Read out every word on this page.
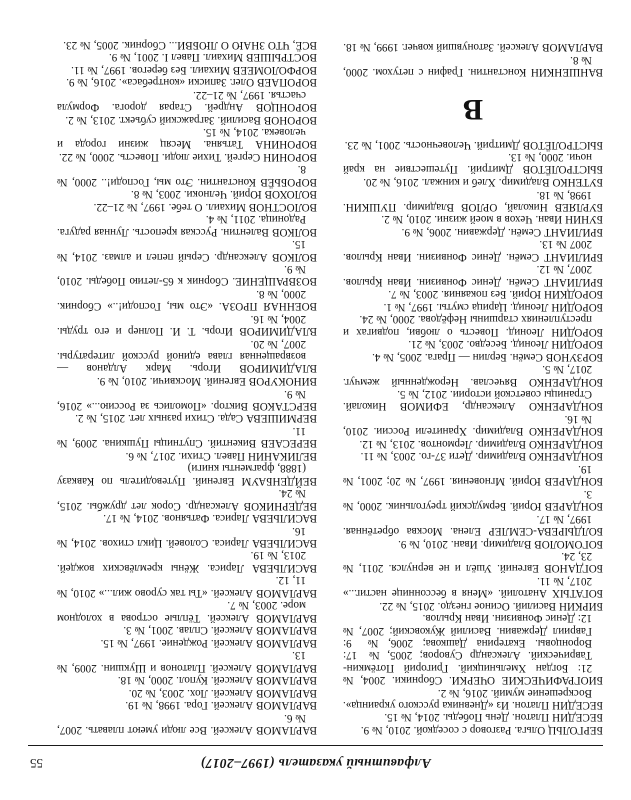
Алфавитный указатель (1997–2017)
55
БЕРГОЛЬЦ Ольга. Разговор с соседкой. 2010, № 9.
БЕСЕДИН Платон. День Победы. 2014, № 15.
БЕСЕДИН Платон. Из «Дневника русского украинца». Воскрешение мумий. 2016, № 2.
БИОГРАФИЧЕСКИЕ ОЧЕРКИ. Сборники. 2004, № 21: Богдан Хмельницкий. Григорий Потёмкин-Таврический. Александр Суворов; 2005, № 17: Воронцовы. Екатерина Дашкова; 2006, № 9: Гавриил Державин. Василий Жуковский; 2007, № 12: Денис Фонвизин. Иван Крылов.
БИРКИН Василий. Осиное гнездо. 2015, № 22.
БОГАТЫХ Анатолий. «Меня в бессоннице настиг...» 2017, № 11.
БОГДАНОВ Евгений. Ушёл и не вернулся. 2011, № 23, 24.
БОГОМОЛОВ Владимир. Иван. 2010, № 9.
БОЛДЫРЕВА-СЕМЛЕР Елена. Москва обретённая. 1997, № 17.
БОНДАРЕВ Юрий. Бермудский треугольник. 2000, № 3.
БОНДАРЕВ Юрий. Мгновения. 1997, № 20; 2001, № 19.
БОНДАРЕНКО Владимир. Дети 37-го. 2003, № 11.
БОНДАРЕНКО Владимир. Лермонтов. 2013, № 12.
БОНДАРЕНКО Владимир. Хранители России. 2010, № 16.
БОНДАРЕНКО Александр, ЕФИМОВ Николай. Страницы советской истории. 2012, № 5.
БОНДАРЕНКО Вячеслав. Нерожденный жемчуг. 2017, № 5.
БОРЗУНОВ Семён. Берлин — Прага. 2005, № 4.
БОРОДИН Леонид. Беседво. 2003, № 21.
БОРОДИН Леонид. Повесть о любви, подвигах и преступлениях старшины Нефёдова. 2000, № 24.
БОРОДИН Леонид. Царица смуты. 1997, № 1.
БОРОДКИН Юрий. Без покаяния. 2003, № 7.
БРИЛИАНТ Семён. Денис Фонвизин. Иван Крылов. 2007, № 12.
БРИЛИАНТ Семён. Денис Фонвизин. Иван Крылов. 2007 № 13.
БРИЛИАНТ Семён. Державин. 2006, № 9.
БУНИН Иван. Чехов в моей жизни. 2010, № 2.
БУРЛЯЕВ Николай, ОРЛОВ Владимир. ПУШКИН. 1998, № 18.
БУТЕНКО Владимир. Хлеб и кинжал. 2016, № 20.
БЫСТРОЛЁТОВ Дмитрий. Путешествие на край ночи. 2000, № 13.
БЫСТРОЛЁТОВ Дмитрий. Человечность. 2001, № 23.
В
ВАНШЕНКИН Константин. Графин с петухом. 2000, № 8.
ВАРЛАМОВ Алексей. Затонувший ковчег. 1999, № 18.
ВАРЛАМОВ Алексей. Все люди умеют плавать. 2007, № 6.
ВАРЛАМОВ Алексей. Гора. 1998, № 19.
ВАРЛАМОВ Алексей. Лох. 2003, № 20.
ВАРЛАМОВ Алексей. Купол. 2000, № 18.
ВАРЛАМОВ Алексей. Платонов и Шукшин. 2009, № 13.
ВАРЛАМОВ Алексей. Рождение. 1997, № 15.
ВАРЛАМОВ Алексей. Сплав. 2001, № 3.
ВАРЛАМОВ Алексей. Тёплые острова в холодном море. 2003, № 7.
ВАРЛАМОВ Алексей. «Ты так сурово жил...» 2010, № 11, 12.
ВАСИЛЬЕВА Лариса. Жёны кремлёвских вождей. 2013, № 19.
ВАСИЛЬЕВА Лариса. Соловей. Цикл стихов. 2014, № 16.
ВАСИЛЬЕВА Лариса. Фатьянов. 2014, № 17.
ВЕДЕРНИКОВ Александр. Сорок лет дружбы. 2015, № 24.
ВЕЙДЕНБАУМ Евгений. Путеводитель по Кавказу (1888, фрагменты книги)
ВЕЛИКАНИН Павел. Стихи. 2017, № 6.
ВЕРЕСАЕВ Викентий. Спутницы Пушкина. 2009, № 11.
ВЕРМИШЕВА Сада. Стихи разных лет. 2015, № 2.
ВЕРСТАКОВ Виктор. «Помолись за Россию...» 2016, № 9.
ВИНОКУРОВ Евгений. Москвичи. 2010, № 9.
ВЛАДИМИРОВ Игорь. Марк Алданов — возвращенная глава единой русской литературы. 2007, № 20.
ВЛАДИМИРОВ Игорь. Т. И. Полнер и его труды. 2004, № 16.
ВОЕННАЯ ПРОЗА. «Это мы, Господи!..» Сборник. 2000, № 8.
ВОЗВРАЩЕНИЕ. Сборник к 65-летию Победы. 2010, № 9.
ВОЛКОВ Александр. Серый пепел и алмаз. 2014, № 15.
ВОЛКОВ Валентин. Русская крепость. Лунная радуга. Радоница. 2011, № 4.
ВОЛОСТНОВ Михаил. О тебе. 1997, № 21–22.
ВОЛОХОВ Юрий. Челноки. 2003, № 8.
ВОРОБЬЁВ Константин. Это мы, Господи!.. 2000, № 8.
ВОРОНИН Сергей. Тихие люди. Повесть. 2000, № 22.
ВОРОНИНА Татьяна. Месяц жизни города и человека. 2014, № 15.
ВОРОНОВ Василий. Загражский субъект. 2013, № 2.
ВОРОНЦОВ Андрей. Старая дорога. Формула счастья. 1997, № 21–22.
ВОРОПАЕВ Олег. Записки «контребаса». 2016, № 9.
ВОРФОЛОМЕЕВ Михаил. Без берегов. 1997, № 11.
ВОСТРЫШЕВ Михаил. Павел I. 2001, № 9.
ВСЁ, ЧТО ЗНАЮ О ЛЮБВИ... Сборник. 2005, № 23.
